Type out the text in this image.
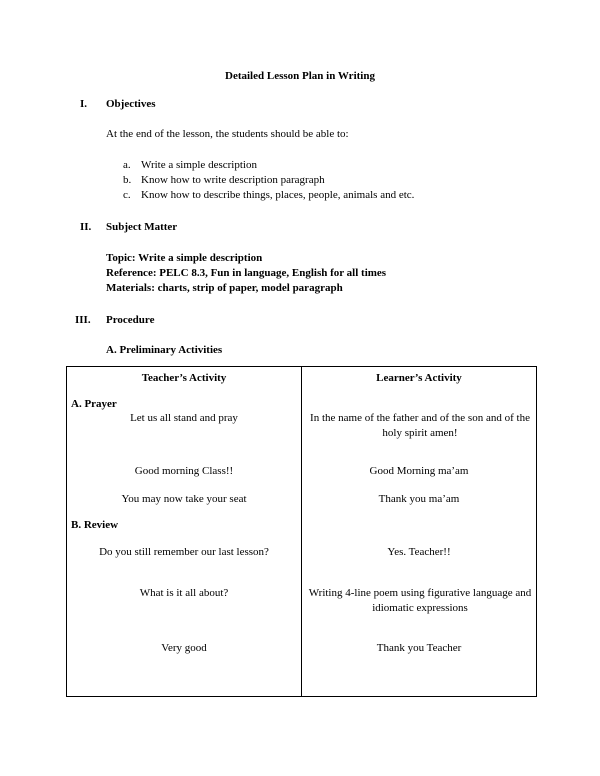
Detailed Lesson Plan in Writing
I. Objectives
At the end of the lesson, the students should be able to:
a. Write a simple description
b. Know how to write description paragraph
c. Know how to describe things, places, people, animals and etc.
II. Subject Matter
Topic: Write a simple description
Reference: PELC 8.3, Fun in language, English for all times
Materials: charts, strip of paper, model paragraph
III. Procedure
A. Preliminary Activities
Teacher’s Activity	Learner’s Activity
A. Prayer
Let us all stand and pray	In the name of the father and of the son and of the holy spirit amen!
Good morning Class!!	Good Morning ma’am
You may now take your seat	Thank you ma’am
B. Review
Do you still remember our last lesson?	Yes. Teacher!!
What is it all about?	Writing 4-line poem using figurative language and idiomatic expressions
Very good	Thank you Teacher
